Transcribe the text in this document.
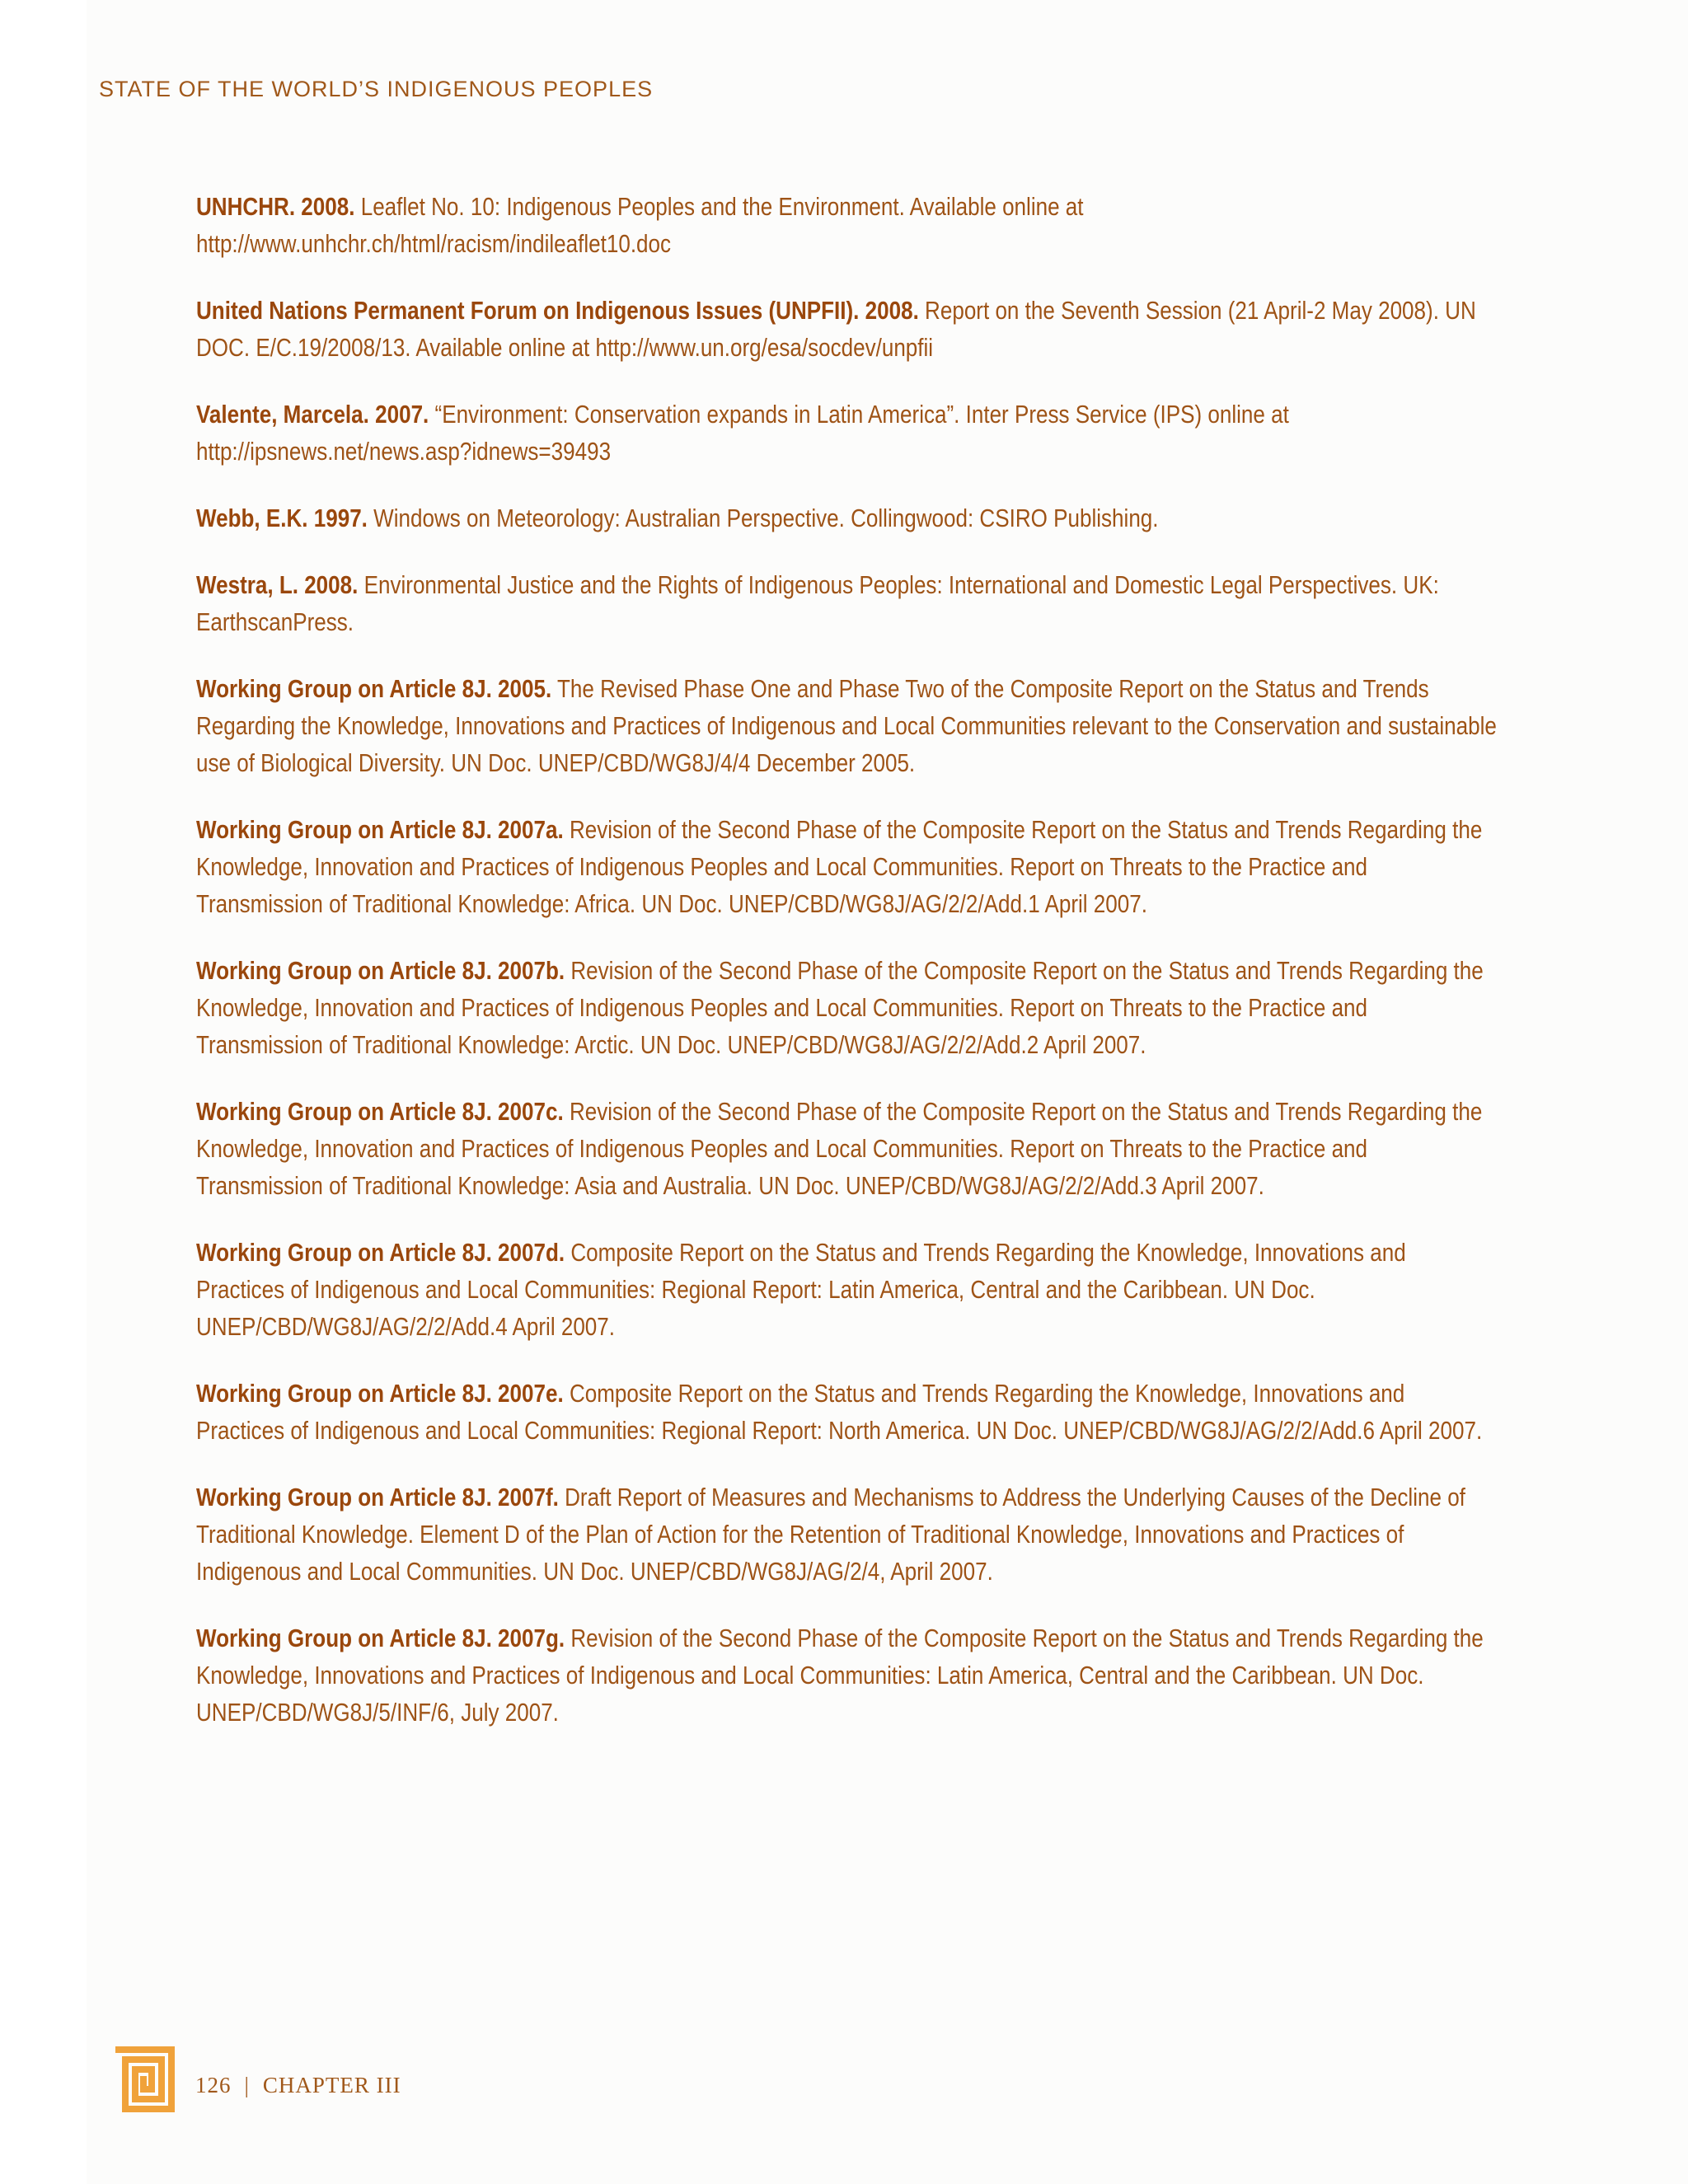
STATE OF THE WORLD’S INDIGENOUS PEOPLES

UNHCHR. 2008. Leaflet No. 10: Indigenous Peoples and the Environment. Available online at http://www.unhchr.ch/html/racism/indileaflet10.doc

United Nations Permanent Forum on Indigenous Issues (UNPFII). 2008. Report on the Seventh Session (21 April-2 May 2008). UN DOC. E/C.19/2008/13. Available online at http://www.un.org/esa/socdev/unpfii

Valente, Marcela. 2007. “Environment: Conservation expands in Latin America”. Inter Press Service (IPS) online at http://ipsnews.net/news.asp?idnews=39493

Webb, E.K. 1997. Windows on Meteorology: Australian Perspective. Collingwood: CSIRO Publishing.

Westra, L. 2008. Environmental Justice and the Rights of Indigenous Peoples: International and Domestic Legal Perspectives. UK: EarthscanPress.

Working Group on Article 8J. 2005. The Revised Phase One and Phase Two of the Composite Report on the Status and Trends Regarding the Knowledge, Innovations and Practices of Indigenous and Local Communities relevant to the Conservation and sustainable use of Biological Diversity. UN Doc. UNEP/CBD/WG8J/4/4 December 2005.

Working Group on Article 8J. 2007a. Revision of the Second Phase of the Composite Report on the Status and Trends Regarding the Knowledge, Innovation and Practices of Indigenous Peoples and Local Communities. Report on Threats to the Practice and Transmission of Traditional Knowledge: Africa. UN Doc. UNEP/CBD/WG8J/AG/2/2/Add.1 April 2007.

Working Group on Article 8J. 2007b. Revision of the Second Phase of the Composite Report on the Status and Trends Regarding the Knowledge, Innovation and Practices of Indigenous Peoples and Local Communities. Report on Threats to the Practice and Transmission of Traditional Knowledge: Arctic. UN Doc. UNEP/CBD/WG8J/AG/2/2/Add.2 April 2007.

Working Group on Article 8J. 2007c. Revision of the Second Phase of the Composite Report on the Status and Trends Regarding the Knowledge, Innovation and Practices of Indigenous Peoples and Local Communities. Report on Threats to the Practice and Transmission of Traditional Knowledge: Asia and Australia. UN Doc. UNEP/CBD/WG8J/AG/2/2/Add.3 April 2007.

Working Group on Article 8J. 2007d. Composite Report on the Status and Trends Regarding the Knowledge, Innovations and Practices of Indigenous and Local Communities: Regional Report: Latin America, Central and the Caribbean. UN Doc. UNEP/CBD/WG8J/AG/2/2/Add.4 April 2007.

Working Group on Article 8J. 2007e. Composite Report on the Status and Trends Regarding the Knowledge, Innovations and Practices of Indigenous and Local Communities: Regional Report: North America. UN Doc. UNEP/CBD/WG8J/AG/2/2/Add.6 April 2007.

Working Group on Article 8J. 2007f. Draft Report of Measures and Mechanisms to Address the Underlying Causes of the Decline of Traditional Knowledge. Element D of the Plan of Action for the Retention of Traditional Knowledge, Innovations and Practices of Indigenous and Local Communities. UN Doc. UNEP/CBD/WG8J/AG/2/4, April 2007.

Working Group on Article 8J. 2007g. Revision of the Second Phase of the Composite Report on the Status and Trends Regarding the Knowledge, Innovations and Practices of Indigenous and Local Communities: Latin America, Central and the Caribbean. UN Doc. UNEP/CBD/WG8J/5/INF/6, July 2007.

126 | CHAPTER III
